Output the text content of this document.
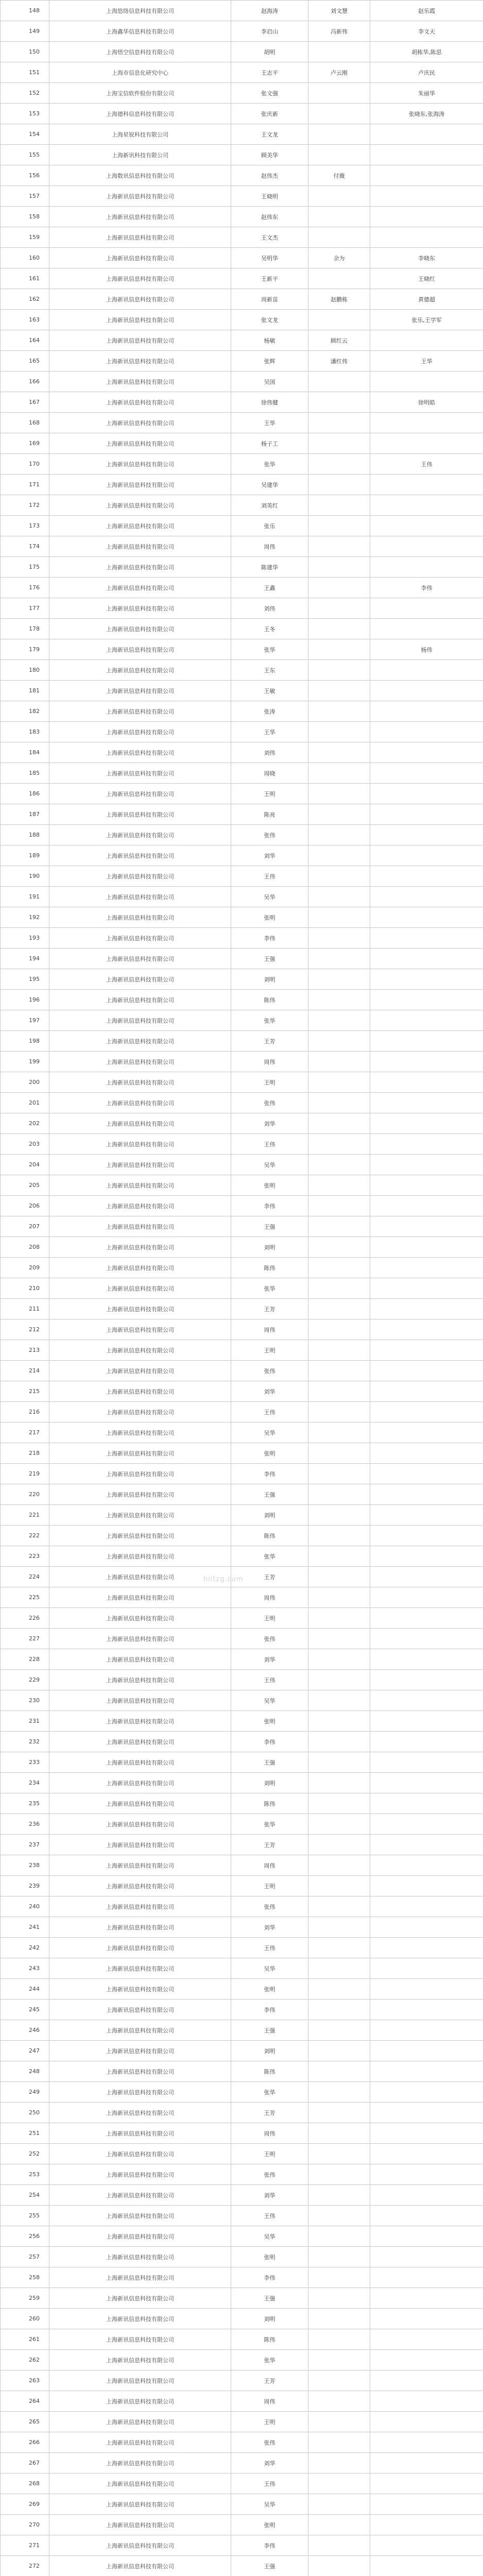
148	上海悠络信息科技有限公司	赵海涛	刘文慧	赵乐霞
149	上海鑫华信息科技有限公司	李启山	冯新伟	李文天
150	上海悟空信息科技有限公司	胡明		胡栋华,陈思
151	上海市信息化研究中心	王志平	卢云刚	卢庆民
152	上海宝信软件股份有限公司	张文强		朱丽华
153	上海德科信息科技有限公司	张庆新		张晓东,张海涛
154	上海星锐科技有限公司	王文龙		
155	上海新讯科技有限公司	顾美华		
156	上海数讯信息科技有限公司	赵伟杰	付薇	
157	上海新讯信息科技有限公司	王晓明		
158	上海新讯信息科技有限公司	赵伟东		
159	上海新讯信息科技有限公司	王文杰		
160	上海新讯信息科技有限公司	吴明华	余为	李晓东
161	上海新讯信息科技有限公司	王新平		王晓红
162	上海新讯信息科技有限公司	周新苗	赵鹏栋	黄德超
163	上海新讯信息科技有限公司	张文龙		张乐,王学军
164	上海新讯信息科技有限公司	杨敏	顾红云	
165	上海新讯信息科技有限公司	张辉	潘红伟	王华
166	上海新讯信息科技有限公司	吴国		
167	上海新讯信息科技有限公司	徐伟健		徐明皓
168	上海新讯信息科技有限公司	王华		
169	上海新讯信息科技有限公司	杨子工		
170	上海新讯信息科技有限公司	张华		王伟
171	上海新讯信息科技有限公司	吴建华		
172	上海新讯信息科技有限公司	刘英红		
173	上海新讯信息科技有限公司	张乐		
174	上海新讯信息科技有限公司	周伟		
175	上海新讯信息科技有限公司	陈建华		
176	上海新讯信息科技有限公司	王鑫		李伟
177	上海新讯信息科技有限公司	刘伟		
178	上海新讯信息科技有限公司	王冬		
179	上海新讯信息科技有限公司	张华		杨伟
180	上海新讯信息科技有限公司	王东		
181	上海新讯信息科技有限公司	王敏		
182	上海新讯信息科技有限公司	张涛		
183	上海新讯信息科技有限公司	王华		
184	上海新讯信息科技有限公司	刘伟		
185	上海新讯信息科技有限公司	周晓		
186	上海新讯信息科技有限公司	王明		
187	上海新讯信息科技有限公司	陈亮		
188	上海新讯信息科技有限公司	张伟		
189	上海新讯信息科技有限公司	刘华		
190	上海新讯信息科技有限公司	王伟		
191	上海新讯信息科技有限公司	吴华		
192	上海新讯信息科技有限公司	张明		
193	上海新讯信息科技有限公司	李伟		
194	上海新讯信息科技有限公司	王强		
195	上海新讯信息科技有限公司	刘明		
196	上海新讯信息科技有限公司	陈伟		
197	上海新讯信息科技有限公司	张华		
198	上海新讯信息科技有限公司	王芳		
199	上海新讯信息科技有限公司	周伟		
200	上海新讯信息科技有限公司	王明		
201	上海新讯信息科技有限公司	张伟		
202	上海新讯信息科技有限公司	刘华		
203	上海新讯信息科技有限公司	王伟		
204	上海新讯信息科技有限公司	吴华		
205	上海新讯信息科技有限公司	张明		
206	上海新讯信息科技有限公司	李伟		
207	上海新讯信息科技有限公司	王强		
208	上海新讯信息科技有限公司	刘明		
209	上海新讯信息科技有限公司	陈伟		
210	上海新讯信息科技有限公司	张华		
211	上海新讯信息科技有限公司	王芳		
212	上海新讯信息科技有限公司	周伟		
213	上海新讯信息科技有限公司	王明		
214	上海新讯信息科技有限公司	张伟		
215	上海新讯信息科技有限公司	刘华		
216	上海新讯信息科技有限公司	王伟		
217	上海新讯信息科技有限公司	吴华		
218	上海新讯信息科技有限公司	张明		
219	上海新讯信息科技有限公司	李伟		
220	上海新讯信息科技有限公司	王强		
221	上海新讯信息科技有限公司	刘明		
222	上海新讯信息科技有限公司	陈伟		
223	上海新讯信息科技有限公司	张华		
224	上海新讯信息科技有限公司	王芳		
225	上海新讯信息科技有限公司	周伟		
226	上海新讯信息科技有限公司	王明		
227	上海新讯信息科技有限公司	张伟		
228	上海新讯信息科技有限公司	刘华		
229	上海新讯信息科技有限公司	王伟		
230	上海新讯信息科技有限公司	吴华		
231	上海新讯信息科技有限公司	张明		
232	上海新讯信息科技有限公司	李伟		
233	上海新讯信息科技有限公司	王强		
234	上海新讯信息科技有限公司	刘明		
235	上海新讯信息科技有限公司	陈伟		
236	上海新讯信息科技有限公司	张华		
237	上海新讯信息科技有限公司	王芳		
238	上海新讯信息科技有限公司	周伟		
239	上海新讯信息科技有限公司	王明		
240	上海新讯信息科技有限公司	张伟		
241	上海新讯信息科技有限公司	刘华		
242	上海新讯信息科技有限公司	王伟		
243	上海新讯信息科技有限公司	吴华		
244	上海新讯信息科技有限公司	张明		
245	上海新讯信息科技有限公司	李伟		
246	上海新讯信息科技有限公司	王强		
247	上海新讯信息科技有限公司	刘明		
248	上海新讯信息科技有限公司	陈伟		
249	上海新讯信息科技有限公司	张华		
250	上海新讯信息科技有限公司	王芳		
251	上海新讯信息科技有限公司	周伟		
252	上海新讯信息科技有限公司	王明		
253	上海新讯信息科技有限公司	张伟		
254	上海新讯信息科技有限公司	刘华		
255	上海新讯信息科技有限公司	王伟		
256	上海新讯信息科技有限公司	吴华		
257	上海新讯信息科技有限公司	张明		
258	上海新讯信息科技有限公司	李伟		
259	上海新讯信息科技有限公司	王强		
260	上海新讯信息科技有限公司	刘明		
261	上海新讯信息科技有限公司	陈伟		
262	上海新讯信息科技有限公司	张华		
263	上海新讯信息科技有限公司	王芳		
264	上海新讯信息科技有限公司	周伟		
265	上海新讯信息科技有限公司	王明		
266	上海新讯信息科技有限公司	张伟		
267	上海新讯信息科技有限公司	刘华		
268	上海新讯信息科技有限公司	王伟		
269	上海新讯信息科技有限公司	吴华		
270	上海新讯信息科技有限公司	张明		
271	上海新讯信息科技有限公司	李伟		
272	上海新讯信息科技有限公司	王强		

hiitzg.com
